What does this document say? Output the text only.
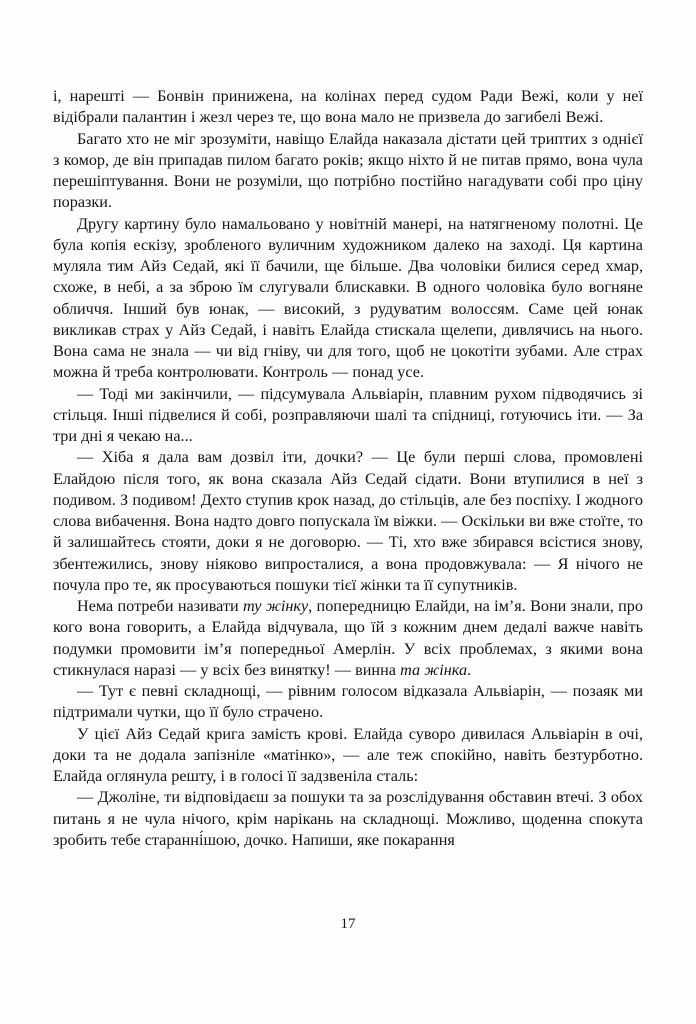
і, нарешті — Бонвін принижена, на колінах перед судом Ради Вежі, коли у неї відібрали палантин і жезл через те, що вона мало не призвела до загибелі Вежі.

Багато хто не міг зрозуміти, навіщо Елайда наказала дістати цей триптих з однієї з комор, де він припадав пилом багато років; якщо ніхто й не питав прямо, вона чула перешіптування. Вони не розуміли, що потрібно постійно нагадувати собі про ціну поразки.

Другу картину було намальовано у новітній манері, на натягненому полотні. Це була копія ескізу, зробленого вуличним художником далеко на заході. Ця картина муляла тим Айз Седай, які її бачили, ще більше. Два чоловіки билися серед хмар, схоже, в небі, а за зброю їм слугували блискавки. В одного чоловіка було вогняне обличчя. Інший був юнак, — високий, з рудуватим волоссям. Саме цей юнак викликав страх у Айз Седай, і навіть Елайда стискала щелепи, дивлячись на нього. Вона сама не знала — чи від гніву, чи для того, щоб не цокотіти зубами. Але страх можна й треба контролювати. Контроль — понад усе.

— Тоді ми закінчили, — підсумувала Альвіарін, плавним рухом підводячись зі стільця. Інші підвелися й собі, розправляючи шалі та спідниці, готуючись іти. — За три дні я чекаю на...

— Хіба я дала вам дозвіл іти, дочки? — Це були перші слова, промовлені Елайдою після того, як вона сказала Айз Седай сідати. Вони втупилися в неї з подивом. З подивом! Дехто ступив крок назад, до стільців, але без поспіху. І жодного слова вибачення. Вона надто довго попускала їм віжки. — Оскільки ви вже стоїте, то й залишайтесь стояти, доки я не договорю. — Ті, хто вже збирався всістися знову, збентежились, знову ніяково випросталися, а вона продовжувала: — Я нічого не почула про те, як просуваються пошуки тієї жінки та її супутників.

Нема потреби називати ту жінку, попередницю Елайди, на ім’я. Вони знали, про кого вона говорить, а Елайда відчувала, що їй з кожним днем дедалі важче навіть подумки промовити ім’я попередньої Амерлін. У всіх проблемах, з якими вона стикнулася наразі — у всіх без винятку! — винна та жінка.

— Тут є певні складнощі, — рівним голосом відказала Альвіарін, — позаяк ми підтримали чутки, що її було страчено.

У цієї Айз Седай крига замість крові. Елайда суворо дивилася Альвіарін в очі, доки та не додала запізніле «матінко», — але теж спокійно, навіть безтурботно. Елайда оглянула решту, і в голосі її задзвеніла сталь:

— Джоліне, ти відповідаєш за пошуки та за розслідування обставин втечі. З обох питань я не чула нічого, крім нарікань на складнощі. Можливо, щоденна спокута зробить тебе старанні́шою, дочко. Напиши, яке покарання

17
